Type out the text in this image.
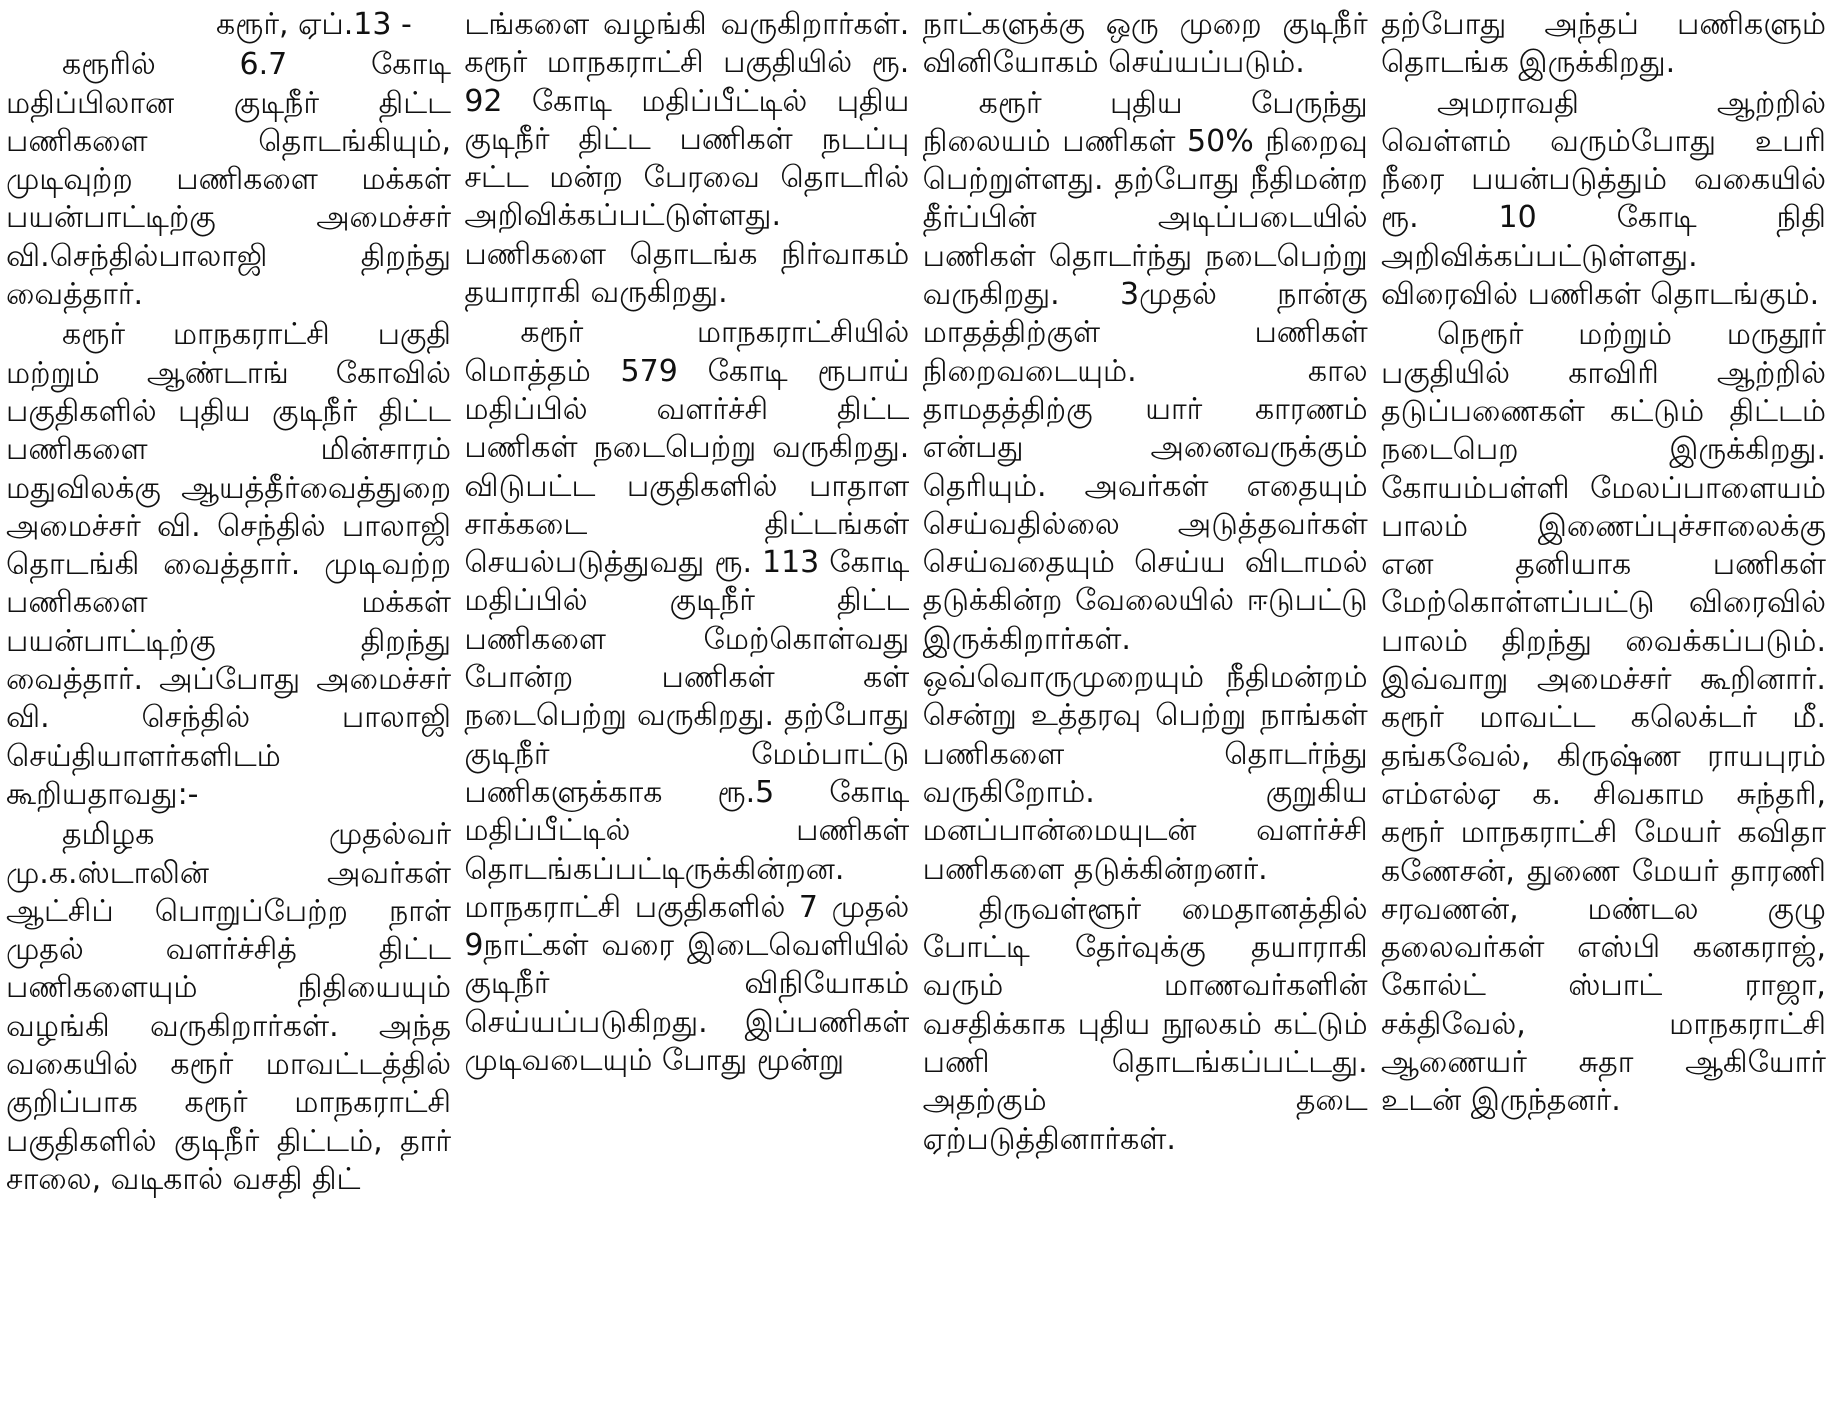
கரூர், ஏப்.13 -

கரூரில் 6.7 கோடி மதிப்பிலான குடிநீர் திட்ட பணிகளை தொடங்கியும், முடிவுற்ற பணிகளை மக்கள் பயன்பாட்டிற்கு அமைச்சர் வி.செந்தில்பாலாஜி திறந்து வைத்தார்.

கரூர் மாநகராட்சி பகுதி மற்றும் ஆண்டாங் கோவில் பகுதிகளில் புதிய குடிநீர் திட்ட பணிகளை மின்சாரம் மதுவிலக்கு ஆயத்தீர்வைத்துறை அமைச்சர் வி. செந்தில் பாலாஜி தொடங்கி வைத்தார். முடிவற்ற பணிகளை மக்கள் பயன்பாட்டிற்கு திறந்து வைத்தார். அப்போது அமைச்சர் வி. செந்தில் பாலாஜி செய்தியாளர்களிடம் கூறியதாவது:-

தமிழக முதல்வர் மு.க.ஸ்டாலின் அவர்கள் ஆட்சிப் பொறுப்பேற்ற நாள் முதல் வளர்ச்சித் திட்ட பணிகளையும் நிதியையும் வழங்கி வருகிறார்கள். அந்த வகையில் கரூர் மாவட்டத்தில் குறிப்பாக கரூர் மாநகராட்சி பகுதிகளில் குடிநீர் திட்டம், தார் சாலை, வடிகால் வசதி திட்

டங்களை வழங்கி வருகிறார்கள். கரூர் மாநகராட்சி பகுதியில் ரூ. 92 கோடி மதிப்பீட்டில் புதிய குடிநீர் திட்ட பணிகள் நடப்பு சட்ட மன்ற பேரவை தொடரில் அறிவிக்கப்பட்டுள்ளது. பணிகளை தொடங்க நிர்வாகம் தயாராகி வருகிறது.

கரூர் மாநகராட்சியில் மொத்தம் 579 கோடி ரூபாய் மதிப்பில் வளர்ச்சி திட்ட பணிகள் நடைபெற்று வருகிறது. விடுபட்ட பகுதிகளில் பாதாள சாக்கடை திட்டங்கள் செயல்படுத்துவது ரூ. 113 கோடி மதிப்பில் குடிநீர் திட்ட பணிகளை மேற்கொள்வது போன்ற பணிகள் கள் நடைபெற்று வருகிறது. தற்போது குடிநீர் மேம்பாட்டு பணிகளுக்காக ரூ.5 கோடி மதிப்பீட்டில் பணிகள் தொடங்கப்பட்டிருக்கின்றன. மாநகராட்சி பகுதிகளில் 7 முதல் 9நாட்கள் வரை இடைவெளியில் குடிநீர் விநியோகம் செய்யப்படுகிறது. இப்பணிகள் முடிவடையும் போது மூன்று

நாட்களுக்கு ஒரு முறை குடிநீர் வினியோகம் செய்யப்படும்.

கரூர் புதிய பேருந்து நிலையம் பணிகள் 50% நிறைவு பெற்றுள்ளது. தற்போது நீதிமன்ற தீர்ப்பின் அடிப்படையில் பணிகள் தொடர்ந்து நடைபெற்று வருகிறது. 3முதல் நான்கு மாதத்திற்குள் பணிகள் நிறைவடையும். கால தாமதத்திற்கு யார் காரணம் என்பது அனைவருக்கும் தெரியும். அவர்கள் எதையும் செய்வதில்லை அடுத்தவர்கள் செய்வதையும் செய்ய விடாமல் தடுக்கின்ற வேலையில் ஈடுபட்டு இருக்கிறார்கள். ஒவ்வொருமுறையும் நீதிமன்றம் சென்று உத்தரவு பெற்று நாங்கள் பணிகளை தொடர்ந்து வருகிறோம். குறுகிய மனப்பான்மையுடன் வளர்ச்சி பணிகளை தடுக்கின்றனர்.

திருவள்ளூர் மைதானத்தில் போட்டி தேர்வுக்கு தயாராகி வரும் மாணவர்களின் வசதிக்காக புதிய நூலகம் கட்டும் பணி தொடங்கப்பட்டது. அதற்கும் தடை ஏற்படுத்தினார்கள்.

தற்போது அந்தப் பணிகளும் தொடங்க இருக்கிறது.

அமராவதி ஆற்றில் வெள்ளம் வரும்போது உபரி நீரை பயன்படுத்தும் வகையில் ரூ. 10 கோடி நிதி அறிவிக்கப்பட்டுள்ளது. விரைவில் பணிகள் தொடங்கும்.

நெரூர் மற்றும் மருதூர் பகுதியில் காவிரி ஆற்றில் தடுப்பணைகள் கட்டும் திட்டம் நடைபெற இருக்கிறது. கோயம்பள்ளி மேலப்பாளையம் பாலம் இணைப்புச்சாலைக்கு என தனியாக பணிகள் மேற்கொள்ளப்பட்டு விரைவில் பாலம் திறந்து வைக்கப்படும். இவ்வாறு அமைச்சர் கூறினார். கரூர் மாவட்ட கலெக்டர் மீ. தங்கவேல், கிருஷ்ண ராயபுரம் எம்எல்ஏ க. சிவகாம சுந்தரி, கரூர் மாநகராட்சி மேயர் கவிதா கணேசன், துணை மேயர் தாரணி சரவணன், மண்டல குழு தலைவர்கள் எஸ்பி கனகராஜ், கோல்ட் ஸ்பாட் ராஜா, சக்திவேல், மாநகராட்சி ஆணையர் சுதா ஆகியோர் உடன் இருந்தனர்.
